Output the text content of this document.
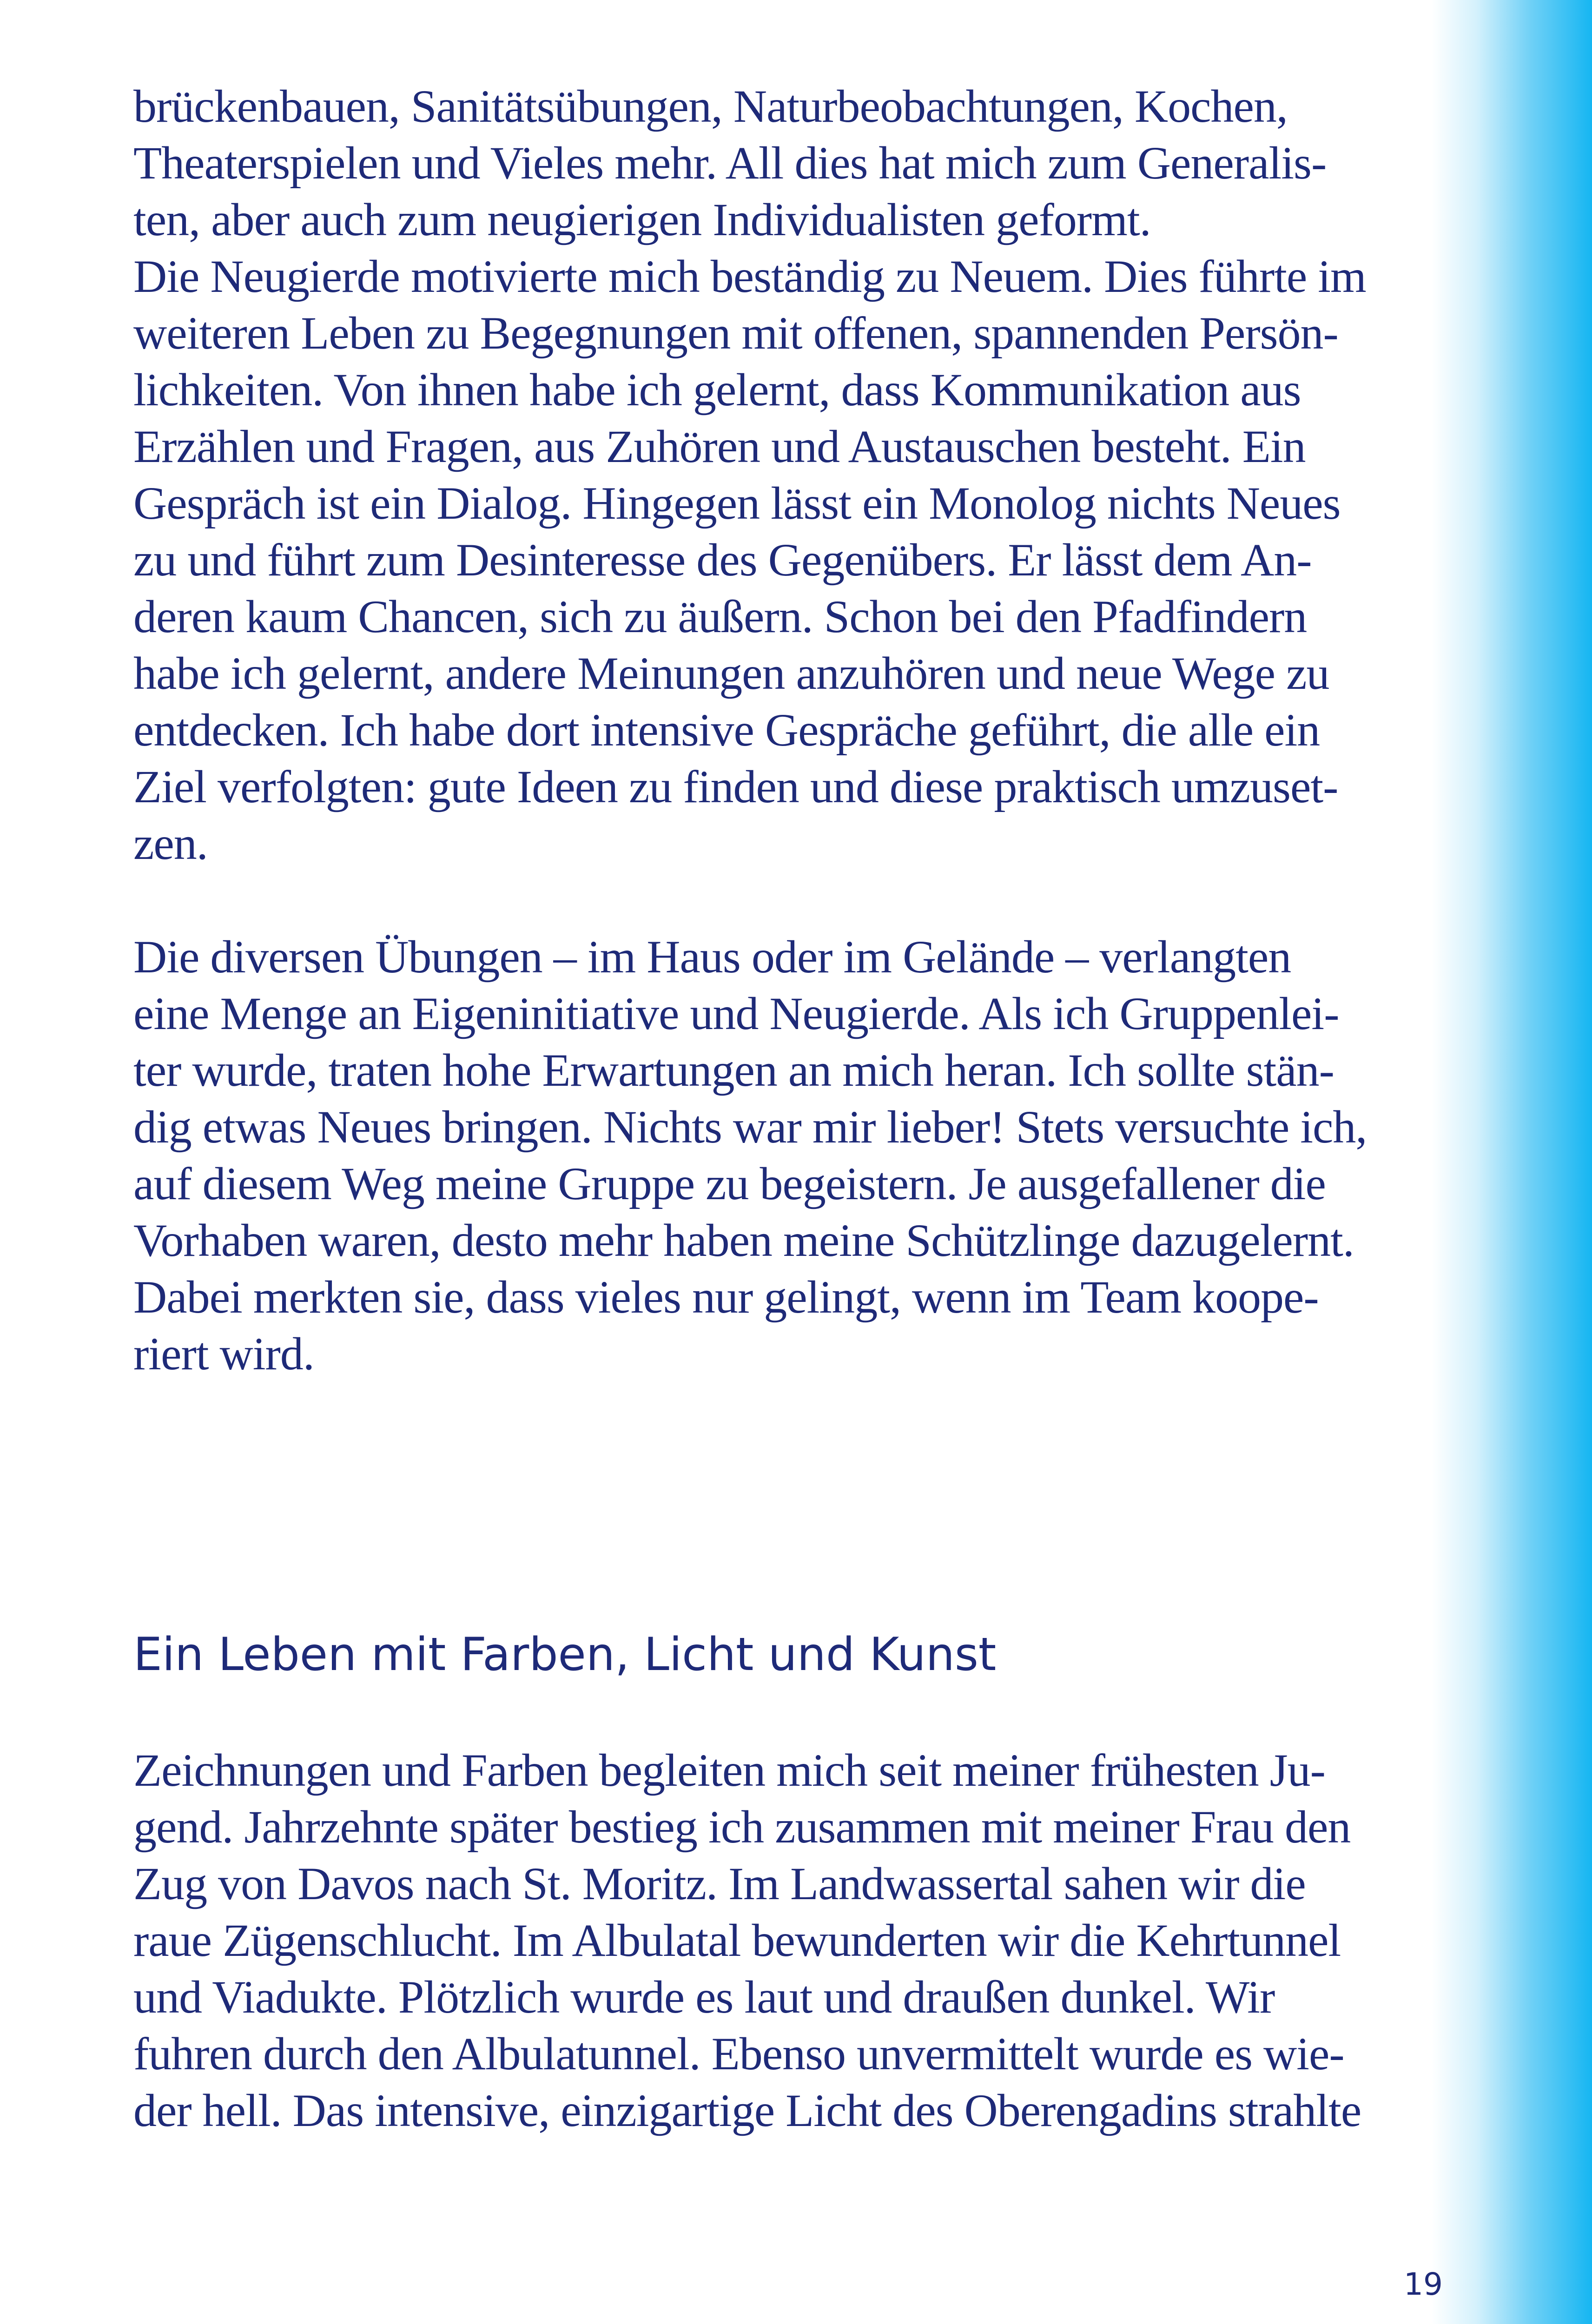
brückenbauen, Sanitätsübungen, Naturbeobachtungen, Kochen,
Theaterspielen und Vieles mehr. All dies hat mich zum Generalis-
ten, aber auch zum neugierigen Individualisten geformt.
Die Neugierde motivierte mich beständig zu Neuem. Dies führte im
weiteren Leben zu Begegnungen mit offenen, spannenden Persön-
lichkeiten. Von ihnen habe ich gelernt, dass Kommunikation aus
Erzählen und Fragen, aus Zuhören und Austauschen besteht. Ein
Gespräch ist ein Dialog. Hingegen lässt ein Monolog nichts Neues
zu und führt zum Desinteresse des Gegenübers. Er lässt dem An-
deren kaum Chancen, sich zu äußern. Schon bei den Pfadfindern
habe ich gelernt, andere Meinungen anzuhören und neue Wege zu
entdecken. Ich habe dort intensive Gespräche geführt, die alle ein
Ziel verfolgten: gute Ideen zu finden und diese praktisch umzuset-
zen.
Die diversen Übungen – im Haus oder im Gelände – verlangten
eine Menge an Eigeninitiative und Neugierde. Als ich Gruppenlei-
ter wurde, traten hohe Erwartungen an mich heran. Ich sollte stän-
dig etwas Neues bringen. Nichts war mir lieber! Stets versuchte ich,
auf diesem Weg meine Gruppe zu begeistern. Je ausgefallener die
Vorhaben waren, desto mehr haben meine Schützlinge dazugelernt.
Dabei merkten sie, dass vieles nur gelingt, wenn im Team koope-
riert wird.
Ein Leben mit Farben, Licht und Kunst
Zeichnungen und Farben begleiten mich seit meiner frühesten Ju-
gend. Jahrzehnte später bestieg ich zusammen mit meiner Frau den
Zug von Davos nach St. Moritz. Im Landwassertal sahen wir die
raue Zügenschlucht. Im Albulatal bewunderten wir die Kehrtunnel
und Viadukte. Plötzlich wurde es laut und draußen dunkel. Wir
fuhren durch den Albulatunnel. Ebenso unvermittelt wurde es wie-
der hell. Das intensive, einzigartige Licht des Oberengadins strahlte
19
